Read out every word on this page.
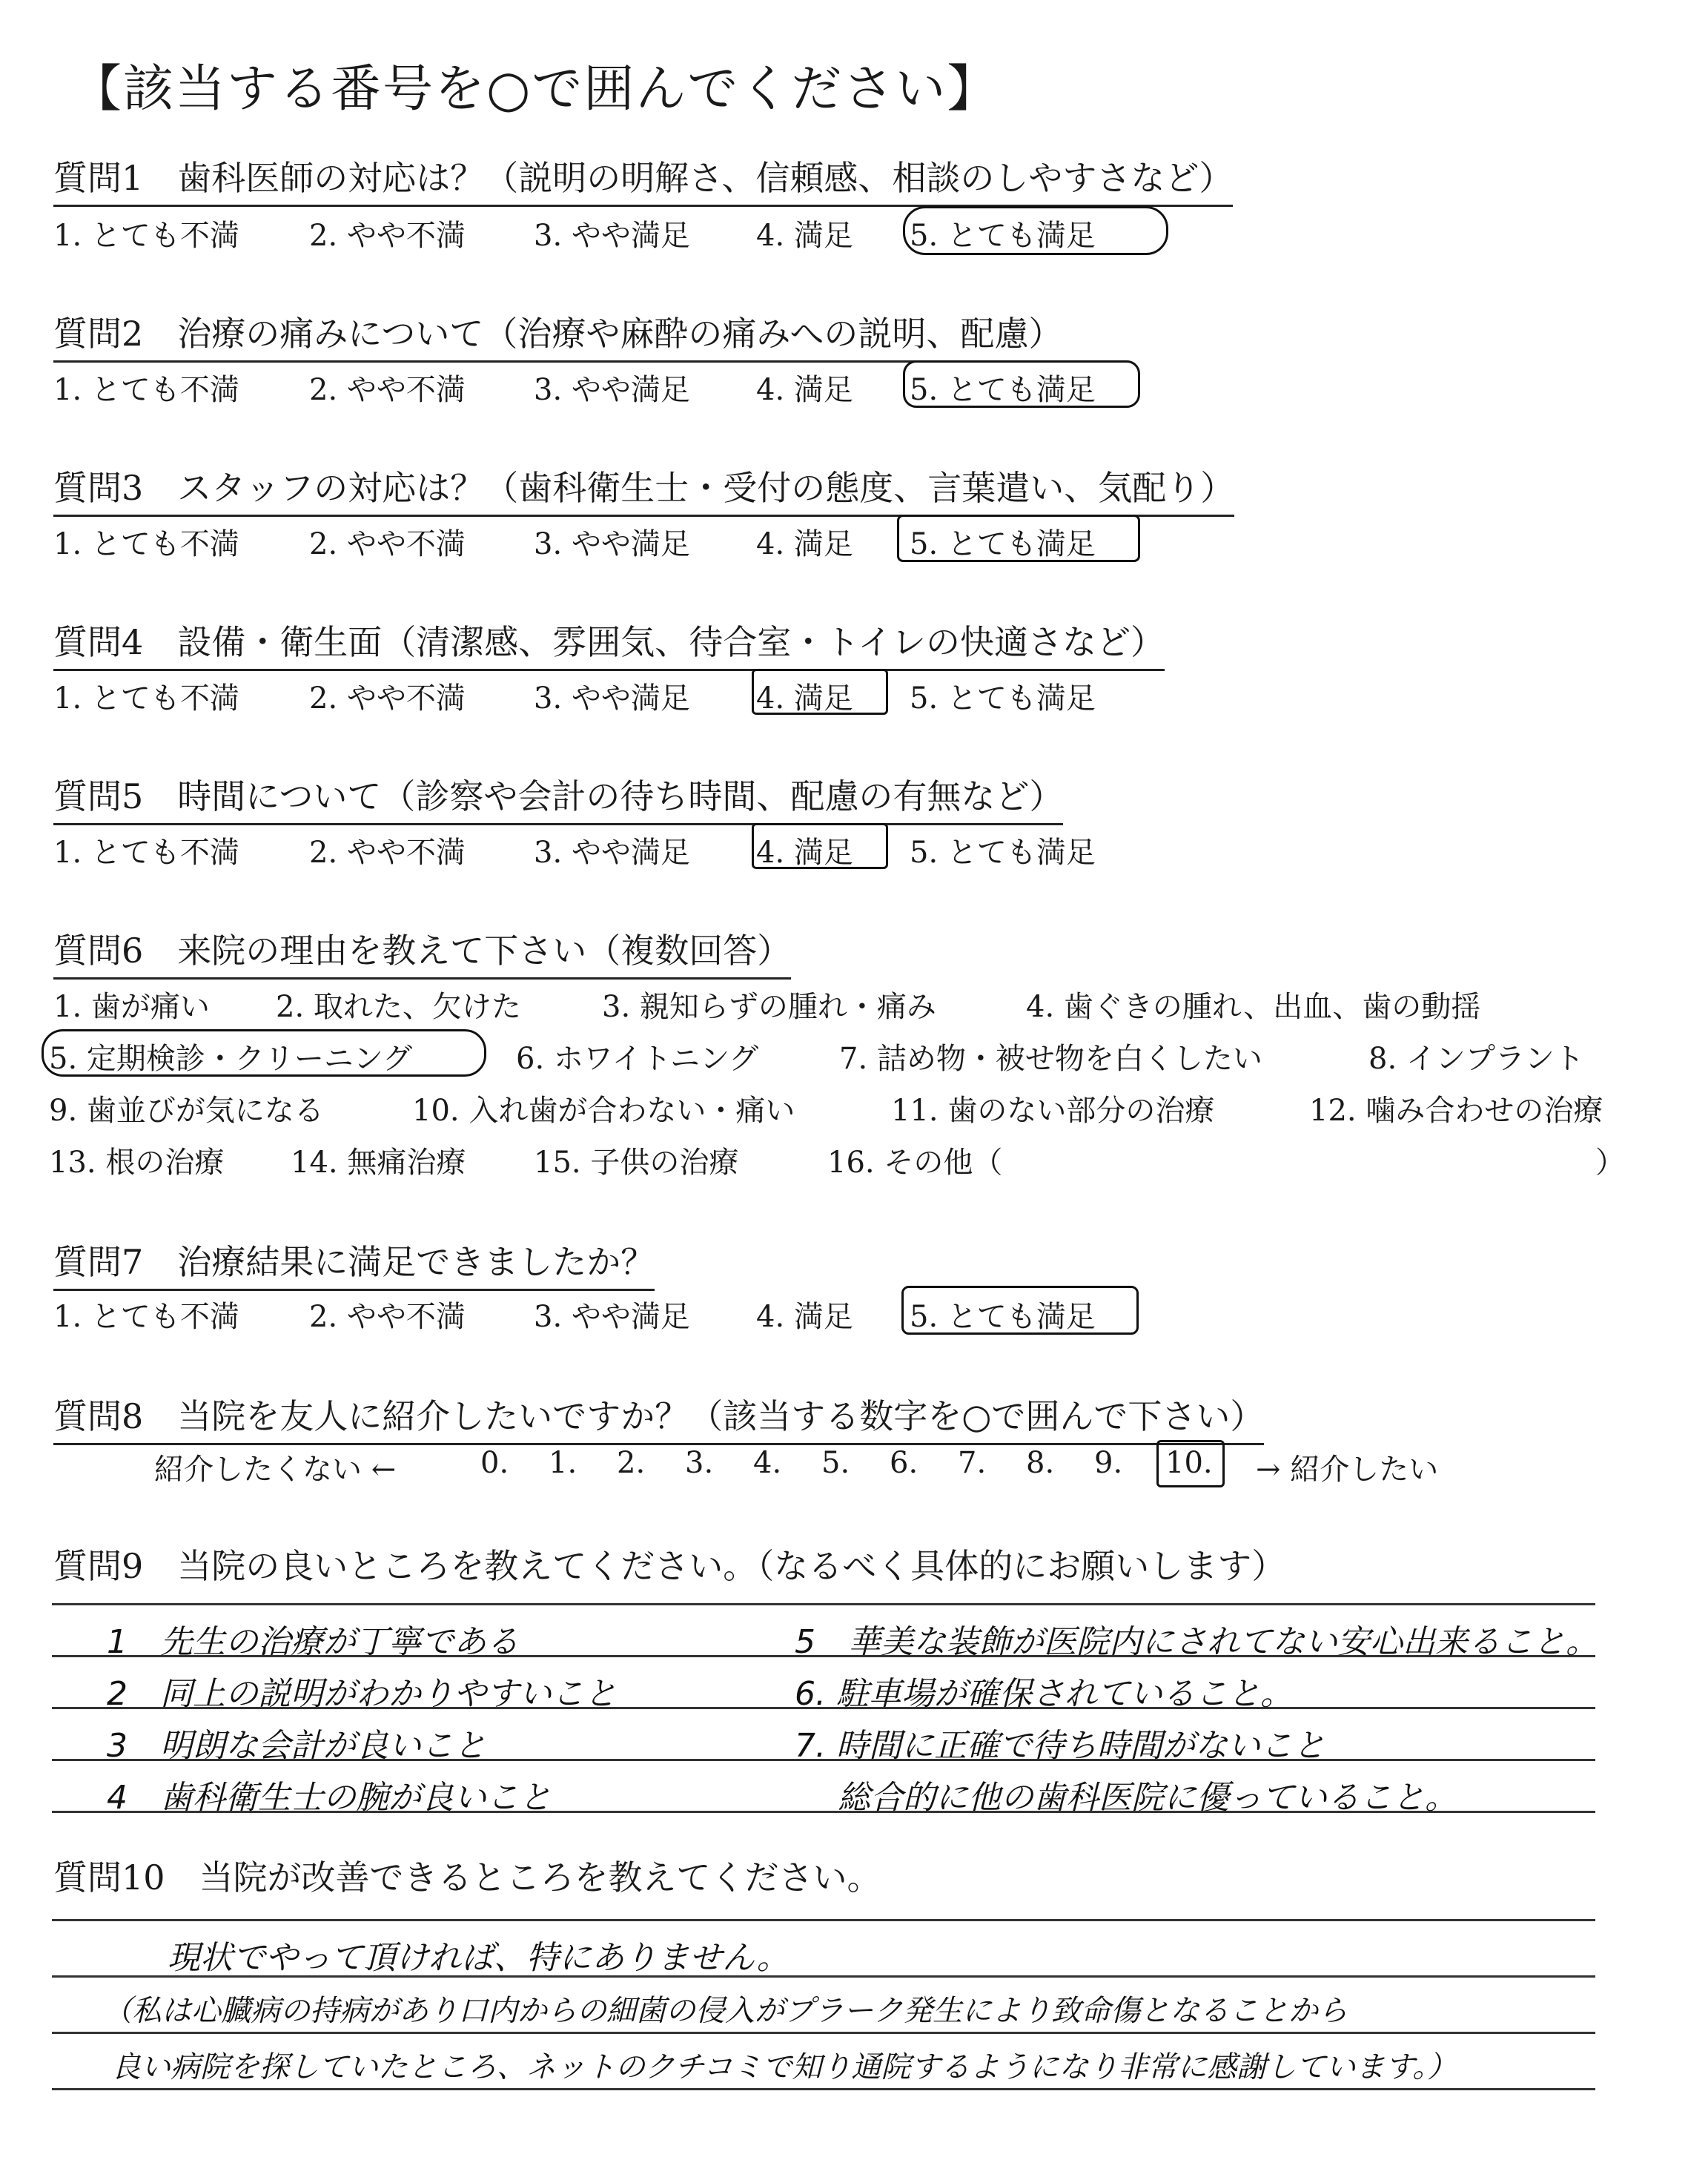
【該当する番号を○で囲んでください】
質問1　歯科医師の対応は？（説明の明解さ、信頼感、相談のしやすさなど）
1. とても不満 2. やや不満 3. やや満足 4. 満足 5. とても満足
質問2　治療の痛みについて（治療や麻酔の痛みへの説明、配慮）
1. とても不満 2. やや不満 3. やや満足 4. 満足 5. とても満足
質問3　スタッフの対応は？（歯科衛生士・受付の態度、言葉遣い、気配り）
1. とても不満 2. やや不満 3. やや満足 4. 満足 5. とても満足
質問4　設備・衛生面（清潔感、雰囲気、待合室・トイレの快適さなど）
1. とても不満 2. やや不満 3. やや満足 4. 満足 5. とても満足
質問5　時間について（診察や会計の待ち時間、配慮の有無など）
1. とても不満 2. やや不満 3. やや満足 4. 満足 5. とても満足
質問6　来院の理由を教えて下さい（複数回答）
1. 歯が痛い 2. 取れた、欠けた	3. 親知らずの腫れ・痛み	4. 歯ぐきの腫れ、出血、歯の動揺
5. 定期検診・クリーニング	6. ホワイトニング	7. 詰め物・被せ物を白くしたい	8. インプラント
9. 歯並びが気になる	10. 入れ歯が合わない・痛い	11. 歯のない部分の治療	12. 噛み合わせの治療
13. 根の治療 14. 無痛治療 15. 子供の治療	16. その他（	）
質問7　治療結果に満足できましたか？
1. とても不満 2. やや不満 3. やや満足 4. 満足 5. とても満足
質問8　当院を友人に紹介したいですか？（該当する数字を○で囲んで下さい）
紹介したくない ←	0. 1. 2. 3. 4. 5. 6. 7. 8. 9. 10. → 紹介したい
質問9　当院の良いところを教えてください。（なるべく具体的にお願いします）
1　先生の治療が丁寧である
2　同上の説明がわかりやすいこと
3　明朗な会計が良いこと
4　歯科衛生士の腕が良いこと
5　華美な装飾が医院内にされてない安心出来ること。
6. 駐車場が確保されていること。
7. 時間に正確で待ち時間がないこと
総合的に他の歯科医院に優っていること。
質問10　当院が改善できるところを教えてください。
現状でやって頂ければ、特にありません。
（私は心臓病の持病があり口内からの細菌の侵入がプラーク発生により致命傷となることから
良い病院を探していたところ、ネットのクチコミで知り通院するようになり非常に感謝しています。）
